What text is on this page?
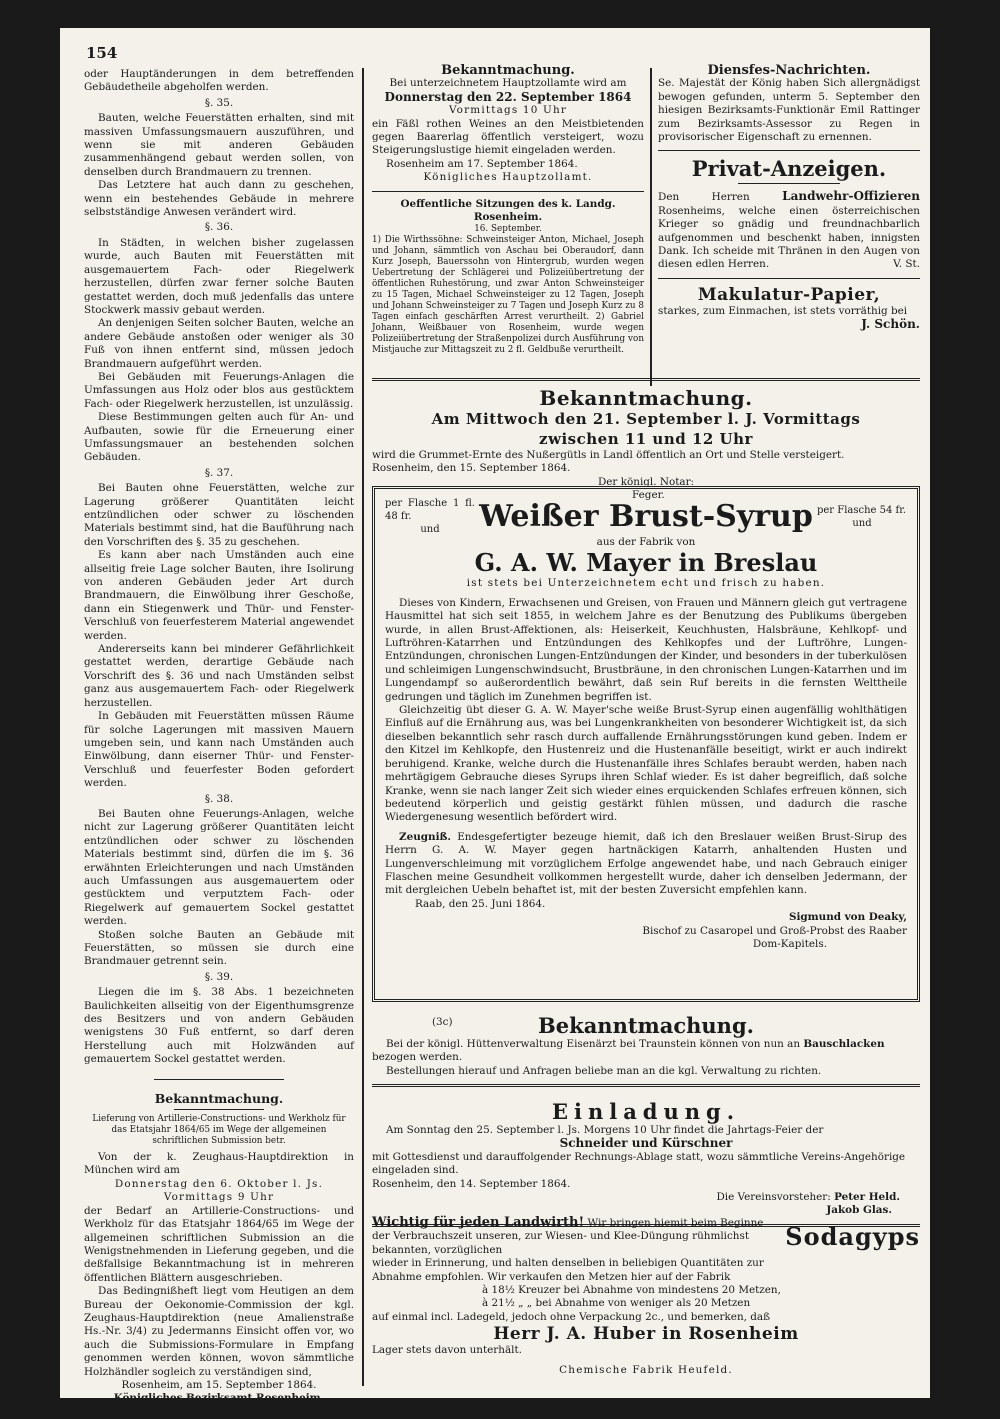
154
oder Hauptänderungen in dem betreffenden Gebäudetheile abgeholfen werden.
§. 35.

Bauten, welche Feuerstätten erhalten, sind mit massiven Umfassungsmauern auszuführen, und wenn sie mit anderen Gebäuden zusammenhängend gebaut werden sollen, von denselben durch Brandmauern zu trennen.

Das Letztere hat auch dann zu geschehen, wenn ein bestehendes Gebäude in mehrere selbstständige Anwesen verändert wird.

§. 36.

In Städten, in welchen bisher zugelassen wurde, auch Bauten mit Feuerstätten mit ausgemauertem Fach- oder Riegelwerk herzustellen, dürfen zwar ferner solche Bauten gestattet werden, doch muß jedenfalls das untere Stockwerk massiv gebaut werden.

An denjenigen Seiten solcher Bauten, welche an andere Gebäude anstoßen oder weniger als 30 Fuß von ihnen entfernt sind, müssen jedoch Brandmauern aufgeführt werden.

Bei Gebäuden mit Feuerungs-Anlagen die Umfassungen aus Holz oder blos aus gestücktem Fach- oder Riegelwerk herzustellen, ist unzulässig.

Diese Bestimmungen gelten auch für An- und Aufbauten, sowie für die Erneuerung einer Umfassungsmauer an bestehenden solchen Gebäuden.

§. 37.

Bei Bauten ohne Feuerstätten, welche zur Lagerung größerer Quantitäten leicht entzündlichen oder schwer zu löschenden Materials bestimmt sind, hat die Bauführung nach den Vorschriften des §. 35 zu geschehen.

Es kann aber nach Umständen auch eine allseitig freie Lage solcher Bauten, ihre Isolirung von anderen Gebäuden jeder Art durch Brandmauern, die Einwölbung ihrer Geschoße, dann ein Stiegenwerk und Thür- und Fenster-Verschluß von feuerfesterem Material angewendet werden.

Andererseits kann bei minderer Gefährlichkeit gestattet werden, derartige Gebäude nach Vorschrift des §. 36 und nach Umständen selbst ganz aus ausgemauertem Fach- oder Riegelwerk herzustellen.

In Gebäuden mit Feuerstätten müssen Räume für solche Lagerungen mit massiven Mauern umgeben sein, und kann nach Umständen auch Einwölbung, dann eiserner Thür- und Fenster-Verschluß und feuerfester Boden gefordert werden.

§. 38.

Bei Bauten ohne Feuerungs-Anlagen, welche nicht zur Lagerung größerer Quantitäten leicht entzündlichen oder schwer zu löschenden Materials bestimmt sind, dürfen die im §. 36 erwähnten Erleichterungen und nach Umständen auch Umfassungen aus ausgemauertem oder gestücktem und verputztem Fach- oder Riegelwerk auf gemauertem Sockel gestattet werden.

Stoßen solche Bauten an Gebäude mit Feuerstätten, so müssen sie durch eine Brandmauer getrennt sein.

§. 39.

Liegen die im §. 38 Abs. 1 bezeichneten Baulichkeiten allseitig von der Eigenthumsgrenze des Besitzers und von andern Gebäuden wenigstens 30 Fuß entfernt, so darf deren Herstellung auch mit Holzwänden auf gemauertem Sockel gestattet werden.

Bekanntmachung.
Lieferung von Artillerie-Constructions- und Werkholz für das Etatsjahr 1864/65 im Wege der allgemeinen schriftlichen Submission betr.

Von der k. Zeughaus-Hauptdirektion in München wird am

Donnerstag den 6. Oktober l. Js.
Vormittags 9 Uhr
der Bedarf an Artillerie-Constructions- und Werkholz für das Etatsjahr 1864/65 im Wege der allgemeinen schriftlichen Submission an die Wenigstnehmenden in Lieferung gegeben, und die deßfallsige Bekanntmachung ist in mehreren öffentlichen Blättern ausgeschrieben.

Das Bedingnißheft liegt vom Heutigen an dem Bureau der Oekonomie-Commission der kgl. Zeughaus-Hauptdirektion (neue Amalienstraße Hs.-Nr. 3/4) zu Jedermanns Einsicht offen vor, wo auch die Submissions-Formulare in Empfang genommen werden können, wovon sämmtliche Holzhändler sogleich zu verständigen sind,

Rosenheim, am 15. September 1864.
Königliches Bezirksamt Rosenheim.
Christoph, k. Bezirksamtmann.
Bekanntmachung.
Bei unterzeichnetem Hauptzollamte wird am
Donnerstag den 22. September 1864
Vormittags 10 Uhr
ein Fäßl rothen Weines an den Meistbietenden gegen Baarerlag öffentlich versteigert, wozu Steigerungslustige hiemit eingeladen werden.

Rosenheim am 17. September 1864.

Königliches Hauptzollamt.
Oeffentliche Sitzungen des k. Landg. Rosenheim.
16. September.
1) Die Wirthssöhne: Schweinsteiger Anton, Michael, Joseph und Johann, sämmtlich von Aschau bei Oberaudorf, dann Kurz Joseph, Bauerssohn von Hintergrub, wurden wegen Uebertretung der Schlägerei und Polizeiübertretung der öffentlichen Ruhestörung, und zwar Anton Schweinsteiger zu 15 Tagen, Michael Schweinsteiger zu 12 Tagen, Joseph und Johann Schweinsteiger zu 7 Tagen und Joseph Kurz zu 8 Tagen einfach geschärften Arrest verurtheilt. 2) Gabriel Johann, Weißbauer von Rosenheim, wurde wegen Polizeiübertretung der Straßenpolizei durch Ausführung von Mistjauche zur Mittagszeit zu 2 fl. Geldbuße verurtheilt.
Diensfes-Nachrichten.
Se. Majestät der König haben Sich allergnädigst bewogen gefunden, unterm 5. September den hiesigen Bezirksamts-Funktionär Emil Rattinger zum Bezirksamts-Assessor zu Regen in provisorischer Eigenschaft zu ernennen.
Privat-Anzeigen.
Den Herren	Landwehr-Offizieren Rosenheims, welche einen österreichischen Krieger so gnädig und freundnachbarlich aufgenommen und beschenkt haben, innigsten Dank. Ich scheide mit Thränen in den Augen von diesen edlen Herren.	V. St.
Makulatur-Papier,
starkes, zum Einmachen, ist stets vorräthig bei
J. Schön.
Bekanntmachung.
Am Mittwoch den 21. September l. J. Vormittags
zwischen 11 und 12 Uhr
wird die Grummet-Ernte des Nußergütls in Landl öffentlich an Ort und Stelle versteigert.
Rosenheim, den 15. September 1864.
Der königl. Notar:
Feger.
per Flasche 1 fl. 48 fr.
und	Weißer Brust-Syrup per Flasche 54 fr.
und
aus der Fabrik von
G. A. W. Mayer in Breslau
ist stets bei Unterzeichnetem echt und frisch zu haben.

Dieses von Kindern, Erwachsenen und Greisen, von Frauen und Männern gleich gut vertragene Hausmittel hat sich seit 1855, in welchem Jahre es der Benutzung des Publikums übergeben wurde, in allen Brust-Affektionen, als: Heiserkeit, Keuchhusten, Halsbräune, Kehlkopf- und Luftröhren-Katarrhen und Entzündungen des Kehlkopfes und der Luftröhre, Lungen-Entzündungen, chronischen Lungen-Entzündungen der Kinder, und besonders in der tuberkulösen und schleimigen Lungenschwindsucht, Brustbräune, in den chronischen Lungen-Katarrhen und im Lungendampf so außerordentlich bewährt, daß sein Ruf bereits in die fernsten Welttheile gedrungen und täglich im Zunehmen begriffen ist.

Gleichzeitig übt dieser G. A. W. Mayer'sche weiße Brust-Syrup einen augenfällig wohlthätigen Einfluß auf die Ernährung aus, was bei Lungenkrankheiten von besonderer Wichtigkeit ist, da sich dieselben bekanntlich sehr rasch durch auffallende Ernährungsstörungen kund geben. Indem er den Kitzel im Kehlkopfe, den Hustenreiz und die Hustenanfälle beseitigt, wirkt er auch indirekt beruhigend. Kranke, welche durch die Hustenanfälle ihres Schlafes beraubt werden, haben nach mehrtägigem Gebrauche dieses Syrups ihren Schlaf wieder. Es ist daher begreiflich, daß solche Kranke, wenn sie nach langer Zeit sich wieder eines erquickenden Schlafes erfreuen können, sich bedeutend körperlich und geistig gestärkt fühlen müssen, und dadurch die rasche Wiedergenesung wesentlich befördert wird.

Zeugniß. Endesgefertigter bezeuge hiemit, daß ich den Breslauer weißen Brust-Sirup des Herrn G. A. W. Mayer gegen hartnäckigen Katarrh, anhaltenden Husten und Lungenverschleimung mit vorzüglichem Erfolge angewendet habe, und nach Gebrauch einiger Flaschen meine Gesundheit vollkommen hergestellt wurde, daher ich denselben Jedermann, der mit dergleichen Uebeln behaftet ist, mit der besten Zuversicht empfehlen kann.

Raab, den 25. Juni 1864.
Sigmund von Deaky,
Bischof zu Casaropel und Groß-Probst des Raaber
Dom-Kapitels.
(3c)	Bekanntmachung.
Bei der königl. Hüttenverwaltung Eisenärzt bei Traunstein können von nun an Bauschlacken bezogen werden.
Bestellungen hierauf und Anfragen beliebe man an die kgl. Verwaltung zu richten.
Einladung.
Am Sonntag den 25. September l. Js. Morgens 10 Uhr findet die Jahrtags-Feier der
Schneider und Kürschner
mit Gottesdienst und darauffolgender Rechnungs-Ablage statt, wozu sämmtliche Vereins-Angehörige eingeladen sind.
Rosenheim, den 14. September 1864.
Die Vereinsvorsteher: Peter Held.
Jakob Glas.
Sodagyps
Wichtig für jeden Landwirth! Wir bringen hiemit beim Beginne der Verbrauchszeit unseren, zur Wiesen- und Klee-Düngung rühmlichst bekannten, vorzüglichen
wieder in Erinnerung, und halten denselben in beliebigen Quantitäten zur Abnahme empfohlen. Wir verkaufen den Metzen hier auf der Fabrik
à 18½ Kreuzer bei Abnahme von mindestens 20 Metzen,
à 21½ „ „ bei Abnahme von weniger als 20 Metzen
auf einmal incl. Ladegeld, jedoch ohne Verpackung 2c., und bemerken, daß
Herr J. A. Huber in Rosenheim
Lager stets davon unterhält.
Chemische Fabrik Heufeld.
